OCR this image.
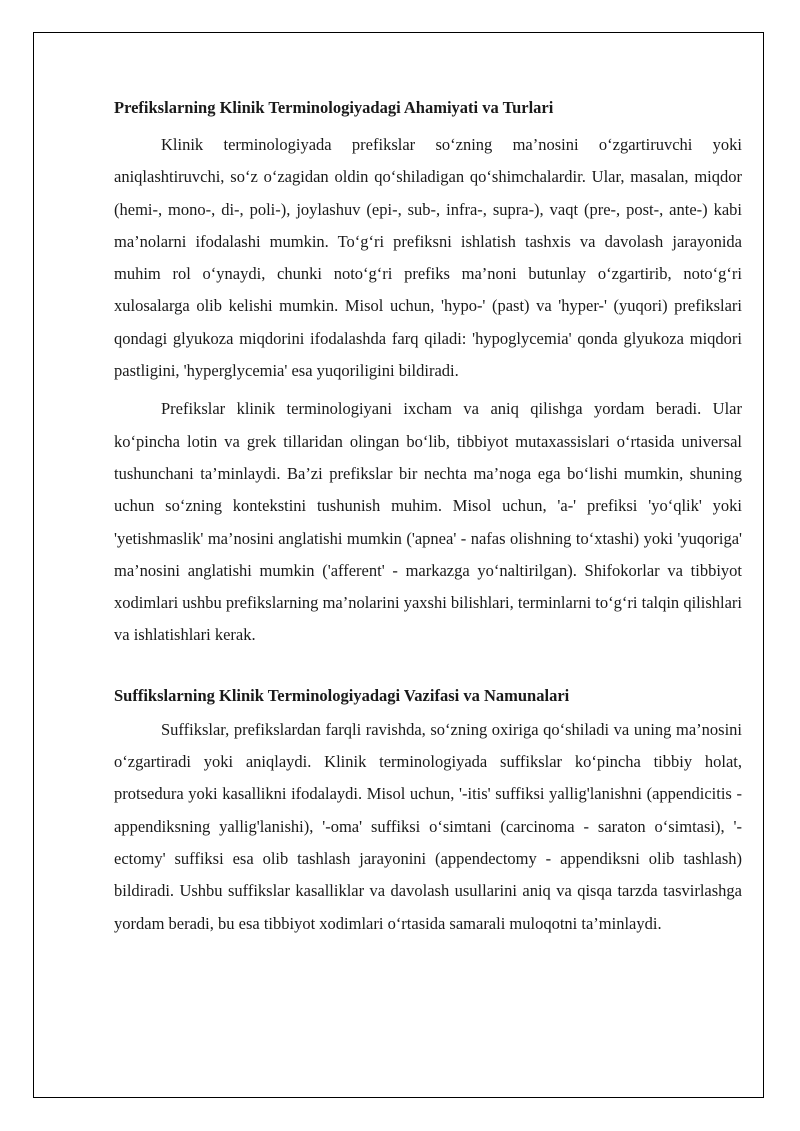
Prefikslarning Klinik Terminologiyadagi Ahamiyati va Turlari

Klinik terminologiyada prefikslar so‘zning ma’nosini o‘zgartiruvchi yoki aniqlashtiruvchi, so‘z o‘zagidan oldin qo‘shiladigan qo‘shimchalardir. Ular, masalan, miqdor (hemi-, mono-, di-, poli-), joylashuv (epi-, sub-, infra-, supra-), vaqt (pre-, post-, ante-) kabi ma’nolarni ifodalashi mumkin. To‘g‘ri prefiksni ishlatish tashxis va davolash jarayonida muhim rol o‘ynaydi, chunki noto‘g‘ri prefiks ma’noni butunlay o‘zgartirib, noto‘g‘ri xulosalarga olib kelishi mumkin. Misol uchun, 'hypo-' (past) va 'hyper-' (yuqori) prefikslari qondagi glyukoza miqdorini ifodalashda farq qiladi: 'hypoglycemia' qonda glyukoza miqdori pastligini, 'hyperglycemia' esa yuqoriligini bildiradi.

Prefikslar klinik terminologiyani ixcham va aniq qilishga yordam beradi. Ular ko‘pincha lotin va grek tillaridan olingan bo‘lib, tibbiyot mutaxassislari o‘rtasida universal tushunchani ta’minlaydi. Ba’zi prefikslar bir nechta ma’noga ega bo‘lishi mumkin, shuning uchun so‘zning kontekstini tushunish muhim. Misol uchun, 'a-' prefiksi 'yo‘qlik' yoki 'yetishmaslik' ma’nosini anglatishi mumkin ('apnea' - nafas olishning to‘xtashi) yoki 'yuqoriga' ma’nosini anglatishi mumkin ('afferent' - markazga yo‘naltirilgan). Shifokorlar va tibbiyot xodimlari ushbu prefikslarning ma’nolarini yaxshi bilishlari, terminlarni to‘g‘ri talqin qilishlari va ishlatishlari kerak.

Suffikslarning Klinik Terminologiyadagi Vazifasi va Namunalari

Suffikslar, prefikslardan farqli ravishda, so‘zning oxiriga qo‘shiladi va uning ma’nosini o‘zgartiradi yoki aniqlaydi. Klinik terminologiyada suffikslar ko‘pincha tibbiy holat, protsedura yoki kasallikni ifodalaydi. Misol uchun, '-itis' suffiksi yallig'lanishni (appendicitis - appendiksning yallig'lanishi), '-oma' suffiksi o‘simtani (carcinoma - saraton o‘simtasi), '-ectomy' suffiksi esa olib tashlash jarayonini (appendectomy - appendiksni olib tashlash) bildiradi. Ushbu suffikslar kasalliklar va davolash usullarini aniq va qisqa tarzda tasvirlashga yordam beradi, bu esa tibbiyot xodimlari o‘rtasida samarali muloqotni ta’minlaydi.
